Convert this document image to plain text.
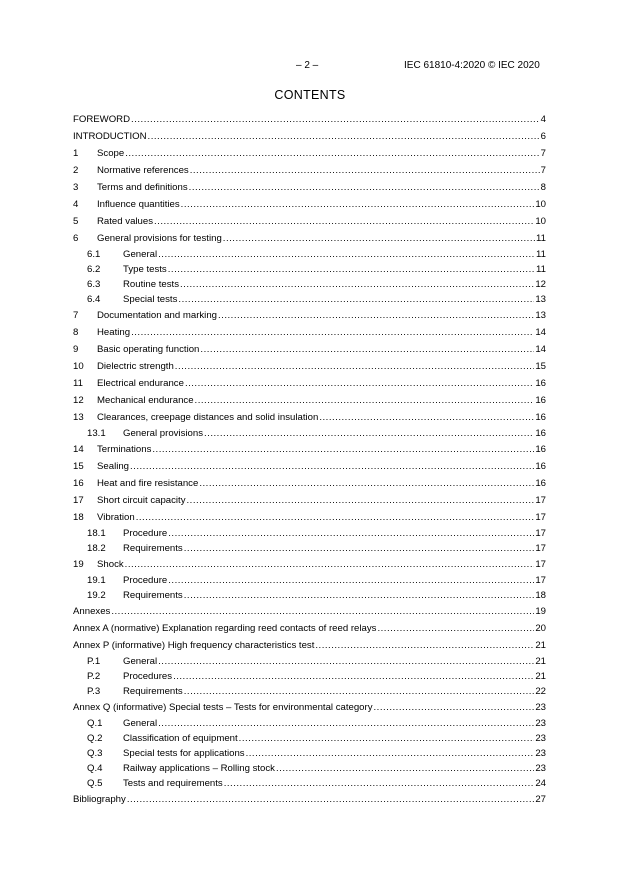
– 2 –	IEC 61810-4:2020 © IEC 2020
CONTENTS
FOREWORD .....	4
INTRODUCTION .....	6
1	Scope .....	7
2	Normative references .....	7
3	Terms and definitions .....	8
4	Influence quantities .....	10
5	Rated values .....	10
6	General provisions for testing .....	11
6.1	General .....	11
6.2	Type tests .....	11
6.3	Routine tests .....	12
6.4	Special tests .....	13
7	Documentation and marking .....	13
8	Heating .....	14
9	Basic operating function .....	14
10	Dielectric strength .....	15
11	Electrical endurance .....	16
12	Mechanical endurance .....	16
13	Clearances, creepage distances and solid insulation .....	16
13.1	General provisions .....	16
14	Terminations .....	16
15	Sealing .....	16
16	Heat and fire resistance .....	16
17	Short circuit capacity .....	17
18	Vibration .....	17
18.1	Procedure .....	17
18.2	Requirements .....	17
19	Shock .....	17
19.1	Procedure .....	17
19.2	Requirements .....	18
Annexes .....	19
Annex A (normative) Explanation regarding reed contacts of reed relays .....	20
Annex P (informative) High frequency characteristics test .....	21
P.1	General .....	21
P.2	Procedures .....	21
P.3	Requirements .....	22
Annex Q (informative) Special tests – Tests for environmental category .....	23
Q.1	General .....	23
Q.2	Classification of equipment .....	23
Q.3	Special tests for applications .....	23
Q.4	Railway applications – Rolling stock .....	23
Q.5	Tests and requirements .....	24
Bibliography .....	27
